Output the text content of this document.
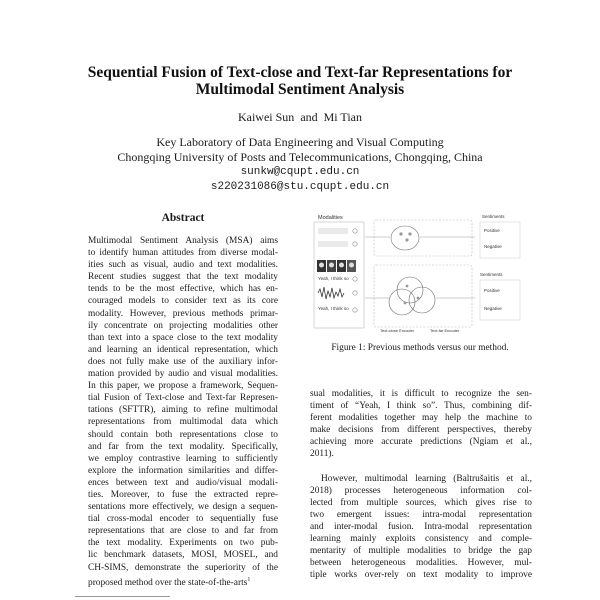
Sequential Fusion of Text-close and Text-far Representations for
Multimodal Sentiment Analysis
Kaiwei Sun and Mi Tian
Key Laboratory of Data Engineering and Visual Computing
Chongqing University of Posts and Telecommunications, Chongqing, China
sunkw@cqupt.edu.cn
s220231086@stu.cqupt.edu.cn
Abstract
Multimodal Sentiment Analysis (MSA) aims
to identify human attitudes from diverse modal-
ities such as visual, audio and text modalities.
Recent studies suggest that the text modality
tends to be the most effective, which has en-
couraged models to consider text as its core
modality. However, previous methods primar-
ily concentrate on projecting modalities other
than text into a space close to the text modality
and learning an identical representation, which
does not fully make use of the auxiliary infor-
mation provided by audio and visual modalities.
In this paper, we propose a framework, Sequen-
tial Fusion of Text-close and Text-far Represen-
tations (SFTTR), aiming to refine multimodal
representations from multimodal data which
should contain both representations close to
and far from the text modality. Specifically,
we employ contrastive learning to sufficiently
explore the information similarities and differ-
ences between text and audio/visual modali-
ties. Moreover, to fuse the extracted repre-
sentations more effectively, we design a sequen-
tial cross-modal encoder to sequentially fuse
representations that are close to and far from
the text modality. Experiments on two pub-
lic benchmark datasets, MOSI, MOSEL, and
CH-SIMS, demonstrate the superiority of the
proposed method over the state-of-the-arts$^1$
Modalities
Yeah, I think so
Yeah, I think so
Sentiments
Positive
Negative
Sentiments
Positive
Negative
Text-close Encoder	Text-far Encoder
Figure 1: Previous methods versus our method.
sual modalities, it is difficult to recognize the sen-
timent of “Yeah, I think so”. Thus, combining dif-
ferent modalities together may help the machine to
make decisions from different perspectives, thereby
achieving more accurate predictions (Ngiam et al.,
2011).
However, multimodal learning (Baltrušaitis et al.,
2018) processes heterogeneous information col-
lected from multiple sources, which gives rise to
two emergent issues: intra-modal representation
and inter-modal fusion. Intra-modal representation
learning mainly exploits consistency and comple-
mentarity of multiple modalities to bridge the gap
between heterogeneous modalities. However, mul-
tiple works over-rely on text modality to improve
